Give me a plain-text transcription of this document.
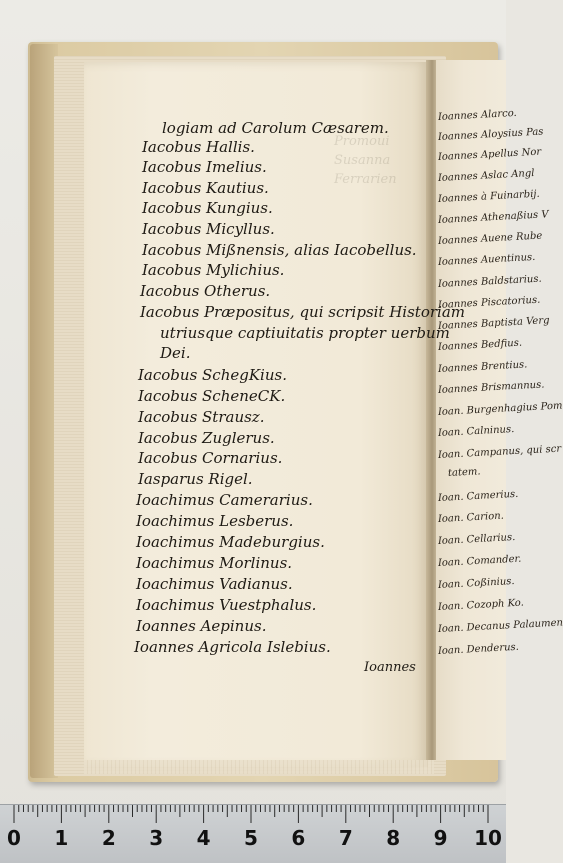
Promoui
Susanna
Ferrarien
logiam ad Carolum Cæsarem.
Iacobus Hallis.
Iacobus Imelius.
Iacobus Kautius.
Iacobus Kungius.
Iacobus Micyllus.
Iacobus Mißnensis, alias Iacobellus.
Iacobus Mylichius.
Iacobus Otherus.
Iacobus Præpositus, qui scripsit Historiam
utriusque captiuitatis propter uerbum
Dei.
Iacobus SchegKius.
Iacobus ScheneCK.
Iacobus Strausz.
Iacobus Zuglerus.
Iacobus Cornarius.
Iasparus Rigel.
Ioachimus Camerarius.
Ioachimus Lesberus.
Ioachimus Madeburgius.
Ioachimus Morlinus.
Ioachimus Vadianus.
Ioachimus Vuestphalus.
Ioannes Aepinus.
Ioannes Agricola Islebius.
Ioannes
Ioannes Alarco.
Ioannes Aloysius Pas
Ioannes Apellus Nor
Ioannes Aslac Angl
Ioannes à Fuinarbij.
Ioannes Athenaßius V
Ioannes Auene Rube
Ioannes Auentinus.
Ioannes Baldstarius.
Ioannes Piscatorius.
Ioannes Baptista Verg
Ioannes Bedfius.
Ioannes Brentius.
Ioannes Brismannus.
Ioan. Burgenhagius Pom
Ioan. Calninus.
Ioan. Campanus, qui scr
tatem.
Ioan. Camerius.
Ioan. Carion.
Ioan. Cellarius.
Ioan. Comander.
Ioan. Coßinius.
Ioan. Cozoph Ko.
Ioan. Decanus Palaumen
Ioan. Denderus.
0 1 2 3 4 5 6 7 8 9 10
